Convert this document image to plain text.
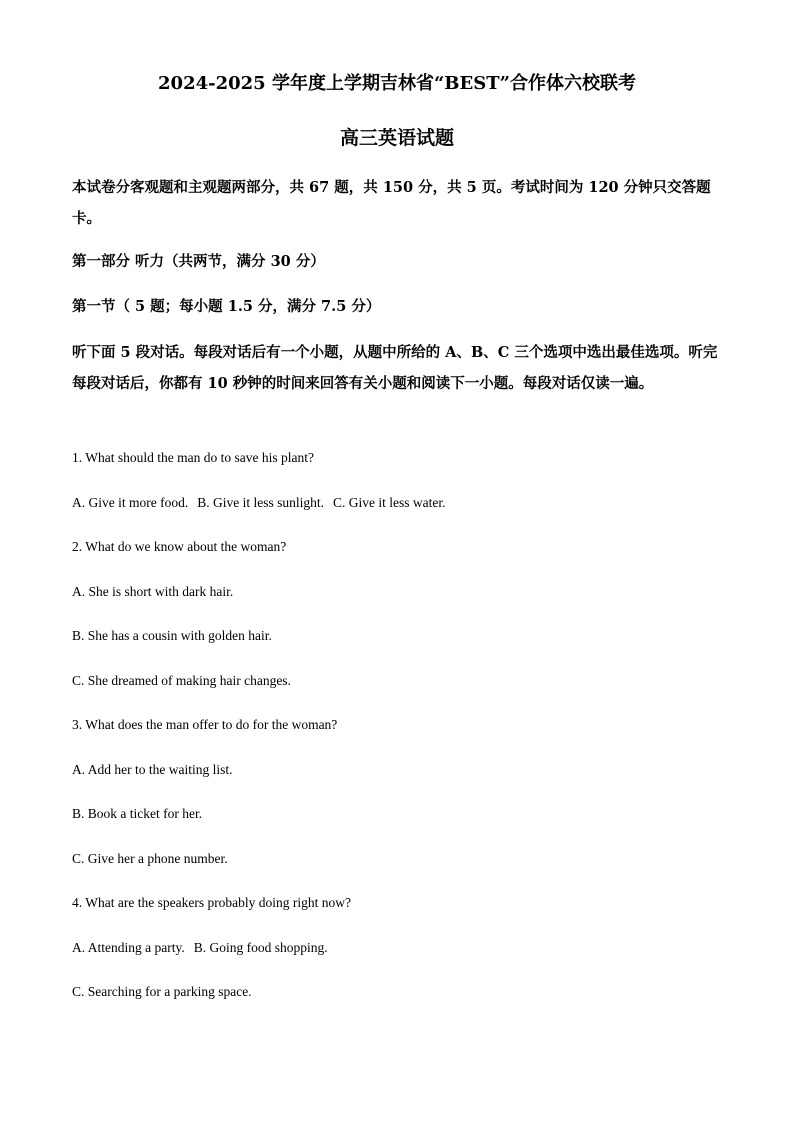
2024-2025 学年度上学期吉林省“BEST”合作体六校联考
高三英语试题
本试卷分客观题和主观题两部分，共 67 题，共 150 分，共 5 页。考试时间为 120 分钟只交答题卡。
第一部分 听力（共两节，满分 30 分）
第一节（ 5 题；每小题 1.5 分，满分 7.5 分）
听下面 5 段对话。每段对话后有一个小题，从题中所给的 A、B、C 三个选项中选出最佳选项。听完每段对话后，你都有 10 秒钟的时间来回答有关小题和阅读下一小题。每段对话仅读一遍。
1. What should the man do to save his plant?
A. Give it more food. B. Give it less sunlight. C. Give it less water.
2. What do we know about the woman?
A. She is short with dark hair.
B. She has a cousin with golden hair.
C. She dreamed of making hair changes.
3. What does the man offer to do for the woman?
A. Add her to the waiting list.
B. Book a ticket for her.
C. Give her a phone number.
4. What are the speakers probably doing right now?
A. Attending a party. B. Going food shopping.
C. Searching for a parking space.
